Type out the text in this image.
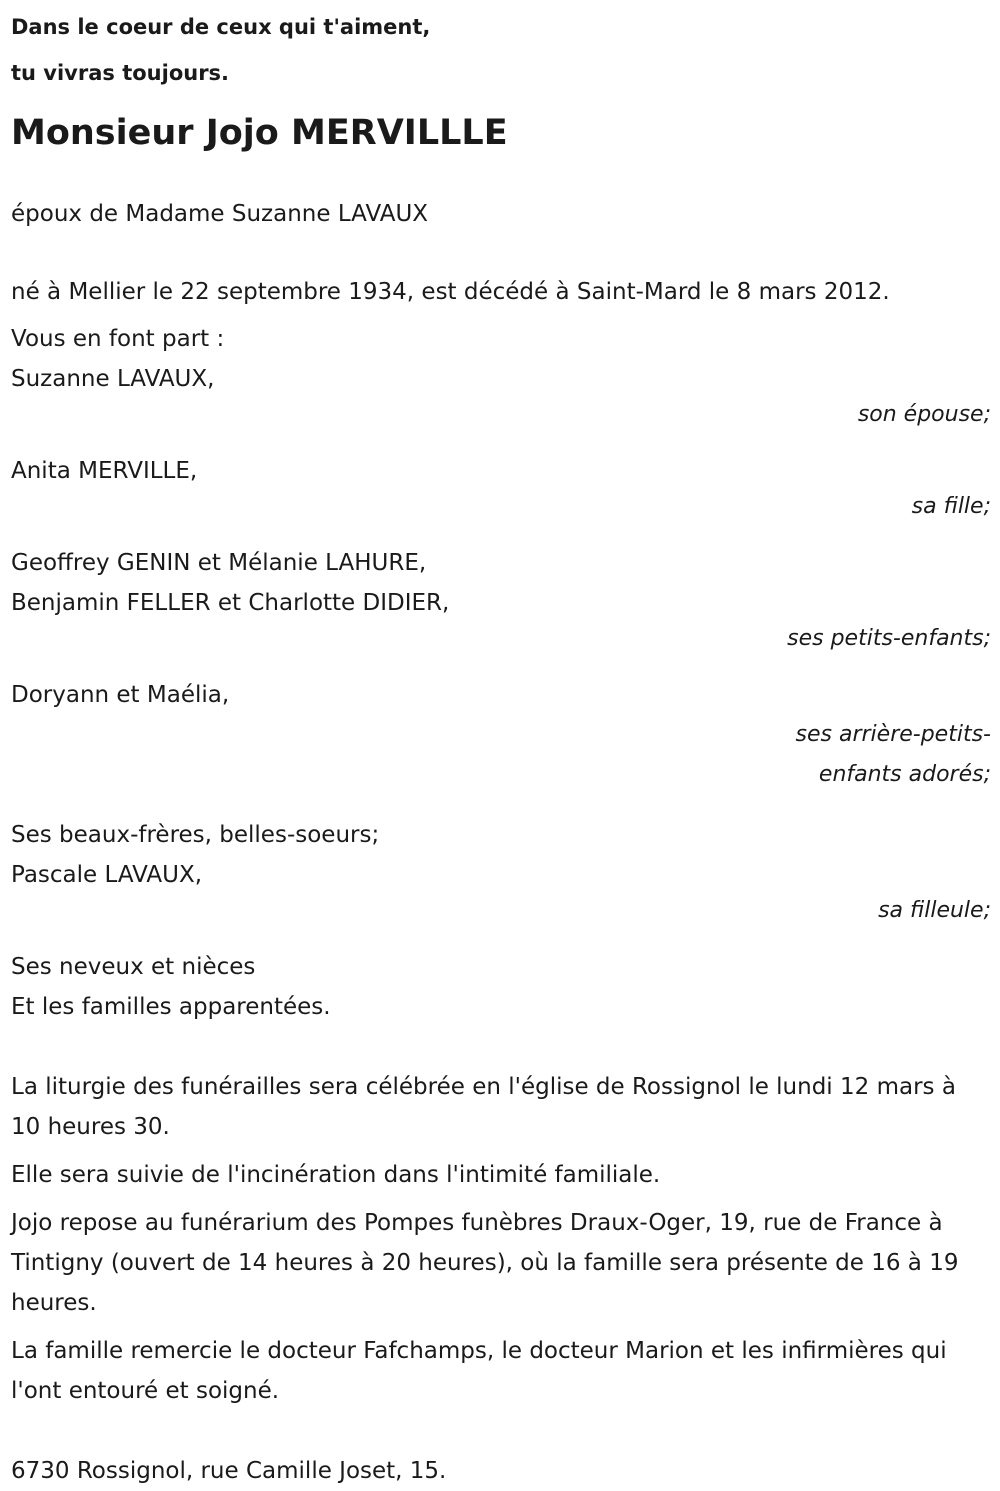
Dans le coeur de ceux qui t'aiment,
tu vivras toujours.
Monsieur Jojo MERVILLLE
époux de Madame Suzanne LAVAUX
né à Mellier le 22 septembre 1934, est décédé à Saint-Mard le 8 mars 2012.
Vous en font part :
Suzanne LAVAUX,
son épouse;
Anita MERVILLE,
sa fille;
Geoffrey GENIN et Mélanie LAHURE,
Benjamin FELLER et Charlotte DIDIER,
ses petits-enfants;
Doryann et Maélia,
ses arrière-petits-
enfants adorés;
Ses beaux-frères, belles-soeurs;
Pascale LAVAUX,
sa filleule;
Ses neveux et nièces
Et les familles apparentées.
La liturgie des funérailles sera célébrée en l'église de Rossignol le lundi 12 mars à 10 heures 30.
Elle sera suivie de l'incinération dans l'intimité familiale.
Jojo repose au funérarium des Pompes funèbres Draux-Oger, 19, rue de France à Tintigny (ouvert de 14 heures à 20 heures), où la famille sera présente de 16 à 19 heures.
La famille remercie le docteur Fafchamps, le docteur Marion et les infirmières qui l'ont entouré et soigné.
6730 Rossignol, rue Camille Joset, 15.
